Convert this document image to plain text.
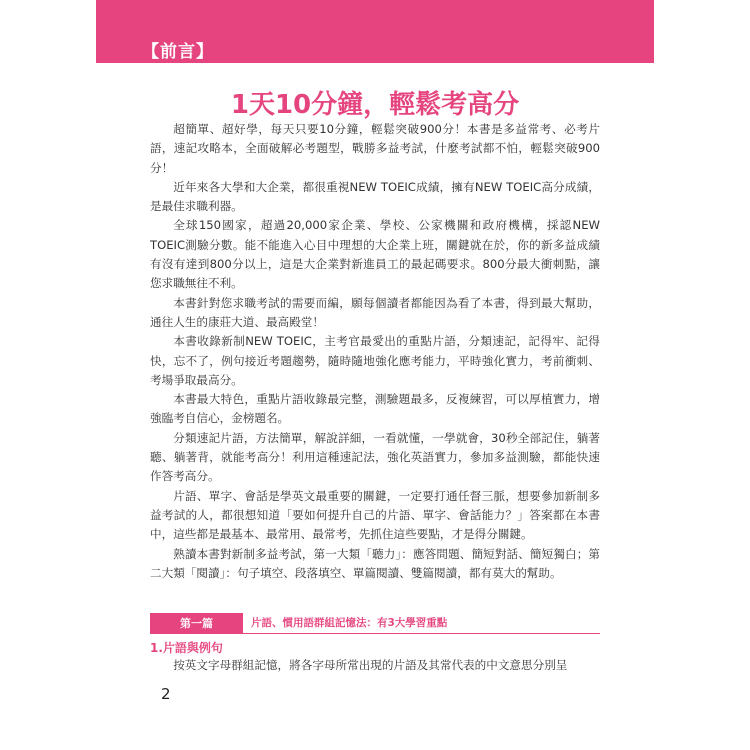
【前言】
1天10分鐘，輕鬆考高分

超簡單、超好學，每天只要10分鐘，輕鬆突破900分！本書是多益常考、必考片語，速記攻略本，全面破解必考題型，戰勝多益考試，什麼考試都不怕，輕鬆突破900分！

近年來各大學和大企業，都很重視NEW TOEIC成績，擁有NEW TOEIC高分成績，是最佳求職利器。

全球150國家，超過20,000家企業、學校、公家機關和政府機構，採認NEW TOEIC測驗分數。能不能進入心目中理想的大企業上班，關鍵就在於，你的新多益成績有沒有達到800分以上，這是大企業對新進員工的最起碼要求。800分最大衝刺點，讓您求職無往不利。

本書針對您求職考試的需要而編，願每個讀者都能因為看了本書，得到最大幫助，通往人生的康莊大道、最高殿堂！

本書收錄新制NEW TOEIC，主考官最愛出的重點片語，分類速記，記得牢、記得快，忘不了，例句接近考題趨勢，隨時隨地強化應考能力，平時強化實力，考前衝刺、考場爭取最高分。

本書最大特色，重點片語收錄最完整，測驗題最多，反複練習，可以厚植實力，增強臨考自信心，金榜題名。

分類速記片語，方法簡單，解說詳細，一看就懂，一學就會，30秒全部記住，躺著聽、躺著背，就能考高分！利用這種速記法，強化英語實力，參加多益測驗，都能快速作答考高分。

片語、單字、會話是學英文最重要的關鍵，一定要打通任督三脈，想要參加新制多益考試的人，都很想知道「要如何提升自己的片語、單字、會話能力？」答案都在本書中，這些都是最基本、最常用、最常考，先抓住這些要點，才是得分關鍵。

熟讀本書對新制多益考試，第一大類「聽力」：應答問題、簡短對話、簡短獨白；第二大類「閱讀」：句子填空、段落填空、單篇閱讀、雙篇閱讀，都有莫大的幫助。

第一篇	片語、慣用語群組記憶法：有3大學習重點
1.片語與例句
按英文字母群組記憶，將各字母所常出現的片語及其常代表的中文意思分別呈
2
